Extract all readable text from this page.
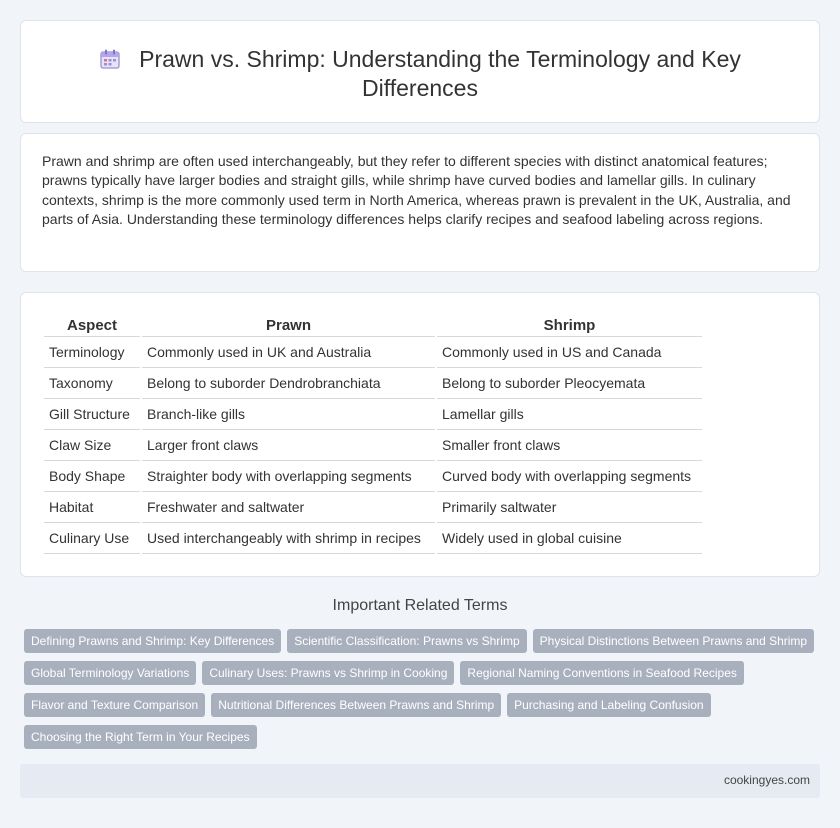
Prawn vs. Shrimp: Understanding the Terminology and Key Differences

Prawn and shrimp are often used interchangeably, but they refer to different species with distinct anatomical features; prawns typically have larger bodies and straight gills, while shrimp have curved bodies and lamellar gills. In culinary contexts, shrimp is the more commonly used term in North America, whereas prawn is prevalent in the UK, Australia, and parts of Asia. Understanding these terminology differences helps clarify recipes and seafood labeling across regions.

Aspect	Prawn	Shrimp
Terminology	Commonly used in UK and Australia	Commonly used in US and Canada
Taxonomy	Belong to suborder Dendrobranchiata	Belong to suborder Pleocyemata
Gill Structure	Branch-like gills	Lamellar gills
Claw Size	Larger front claws	Smaller front claws
Body Shape	Straighter body with overlapping segments	Curved body with overlapping segments
Habitat	Freshwater and saltwater	Primarily saltwater
Culinary Use	Used interchangeably with shrimp in recipes	Widely used in global cuisine
Important Related Terms
Defining Prawns and Shrimp: Key Differences Scientific Classification: Prawns vs Shrimp Physical Distinctions Between Prawns and Shrimp
Global Terminology Variations Culinary Uses: Prawns vs Shrimp in Cooking Regional Naming Conventions in Seafood Recipes
Flavor and Texture Comparison Nutritional Differences Between Prawns and Shrimp Purchasing and Labeling Confusion
Choosing the Right Term in Your Recipes
cookingyes.com
